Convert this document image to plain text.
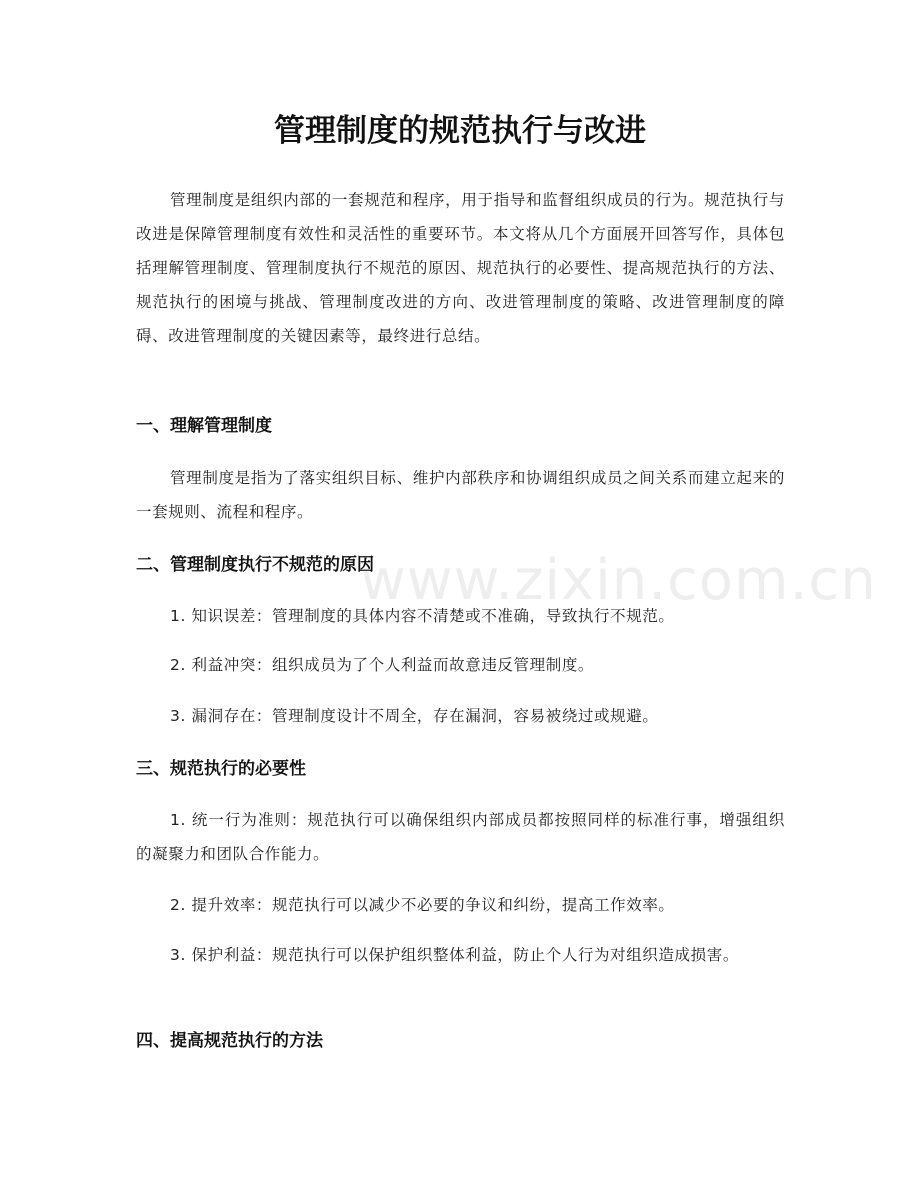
管理制度的规范执行与改进

管理制度是组织内部的一套规范和程序，用于指导和监督组织成员的行为。规范执行与改进是保障管理制度有效性和灵活性的重要环节。本文将从几个方面展开回答写作，具体包括理解管理制度、管理制度执行不规范的原因、规范执行的必要性、提高规范执行的方法、规范执行的困境与挑战、管理制度改进的方向、改进管理制度的策略、改进管理制度的障碍、改进管理制度的关键因素等，最终进行总结。

一、理解管理制度

管理制度是指为了落实组织目标、维护内部秩序和协调组织成员之间关系而建立起来的一套规则、流程和程序。

二、管理制度执行不规范的原因

1. 知识误差：管理制度的具体内容不清楚或不准确，导致执行不规范。

2. 利益冲突：组织成员为了个人利益而故意违反管理制度。

3. 漏洞存在：管理制度设计不周全，存在漏洞，容易被绕过或规避。

三、规范执行的必要性

1. 统一行为准则：规范执行可以确保组织内部成员都按照同样的标准行事，增强组织的凝聚力和团队合作能力。

2. 提升效率：规范执行可以减少不必要的争议和纠纷，提高工作效率。

3. 保护利益：规范执行可以保护组织整体利益，防止个人行为对组织造成损害。

四、提高规范执行的方法
www.zixin.com.cn
